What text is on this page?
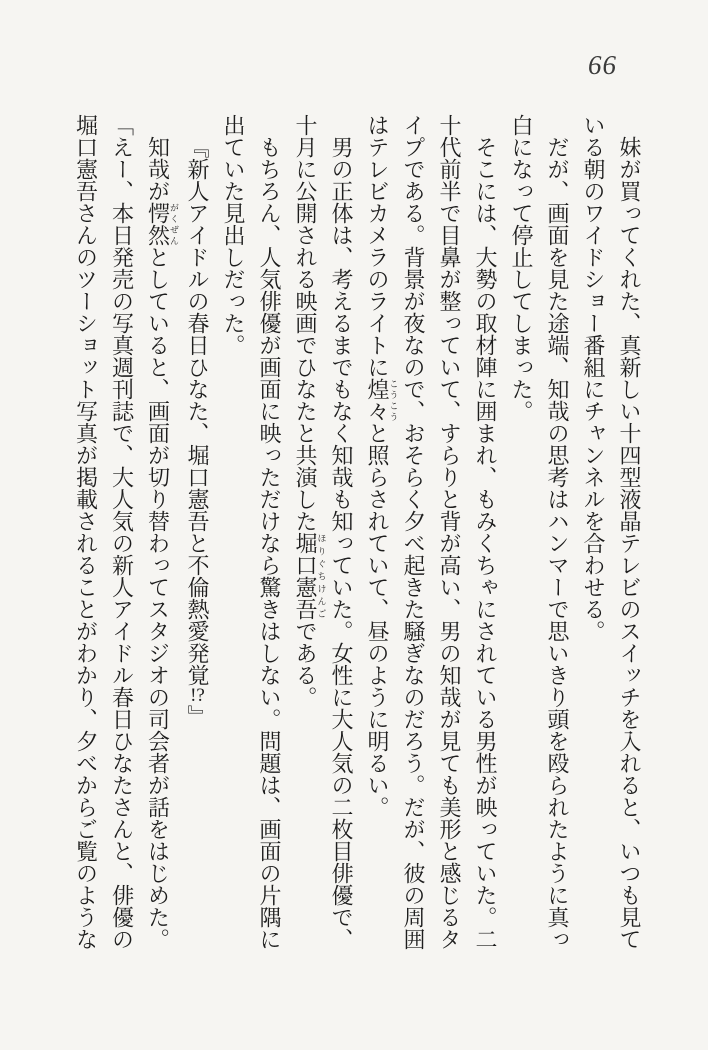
66

妹が買ってくれた、真新しい十四型液晶テレビのスイッチを入れると、いつも見ている朝のワイドショー番組にチャンネルを合わせる。

だが、画面を見た途端、知哉の思考はハンマーで思いきり頭を殴られたように真っ白になって停止してしまった。

そこには、大勢の取材陣に囲まれ、もみくちゃにされている男性が映っていた。二十代前半で目鼻が整っていて、すらりと背が高い、男の知哉が見ても美形と感じるタイプである。背景が夜なので、おそらく夕べ起きた騒ぎなのだろう。だが、彼の周囲はテレビカメラのライトに煌々こうこうと照らされていて、昼のように明るい。

男の正体は、考えるまでもなく知哉も知っていた。女性に大人気の二枚目俳優で、十月に公開される映画でひなたと共演した堀口憲吾ほりぐちけんごである。

もちろん、人気俳優が画面に映っただけなら驚きはしない。問題は、画面の片隅に出ていた見出しだった。

『新人アイドルの春日ひなた、堀口憲吾と不倫熱愛発覚!?』

知哉が愕然がくぜんとしていると、画面が切り替わってスタジオの司会者が話をはじめた。

「えー、本日発売の写真週刊誌で、大人気の新人アイドル春日ひなたさんと、俳優の堀口憲吾さんのツーショット写真が掲載されることがわかり、夕べからご覧のような
